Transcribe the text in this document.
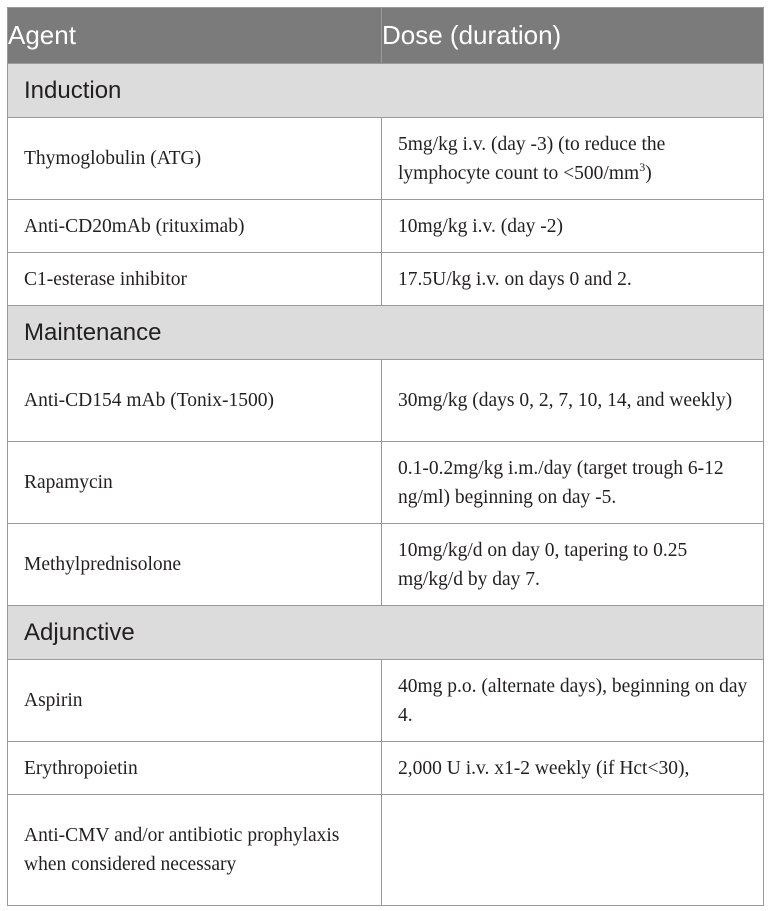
Agent	Dose (duration)
Induction	
Thymoglobulin (ATG)	5mg/kg i.v. (day -3) (to reduce the lymphocyte count to $<500/mm^3$)
Anti-CD20mAb (rituximab)	10mg/kg i.v. (day -2)
C1-esterase inhibitor	17.5U/kg i.v. on days 0 and 2.
Maintenance	
Anti-CD154 mAb (Tonix-1500)	30mg/kg (days 0, 2, 7, 10, 14, and weekly)
Rapamycin	0.1-0.2mg/kg i.m./day (target trough 6-12 ng/ml) beginning on day -5.
Methylprednisolone	10mg/kg/d on day 0, tapering to 0.25 mg/kg/d by day 7.
Adjunctive	
Aspirin	40mg p.o. (alternate days), beginning on day 4.
Erythropoietin	2,000 U i.v. x1-2 weekly (if Hct<30),
Anti-CMV and/or antibiotic prophylaxis when considered necessary	
